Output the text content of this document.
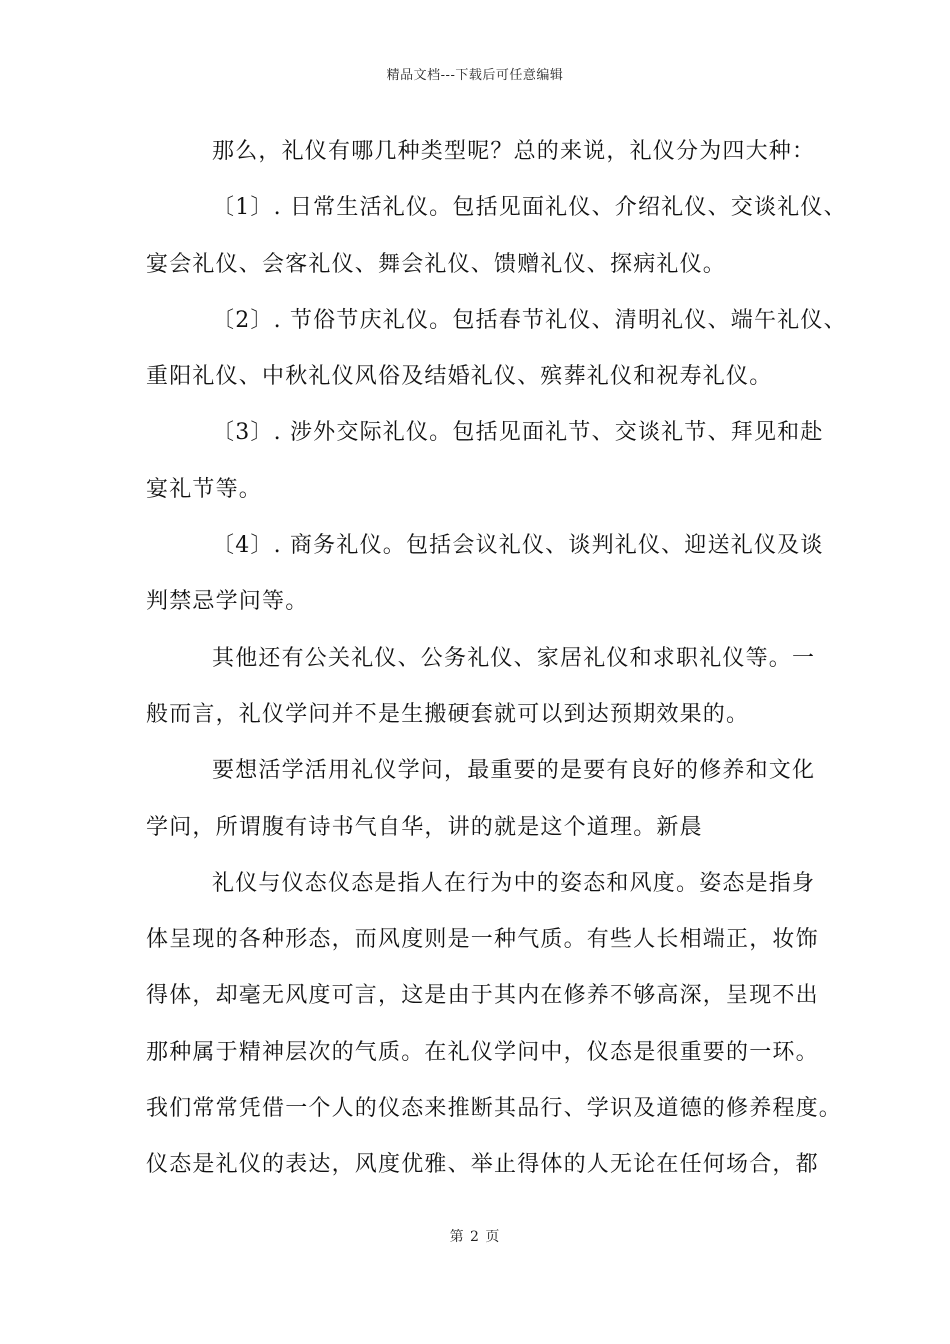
精品文档---下载后可任意编辑
那么，礼仪有哪几种类型呢？总的来说，礼仪分为四大种：
〔1〕. 日常生活礼仪。包括见面礼仪、介绍礼仪、交谈礼仪、
宴会礼仪、会客礼仪、舞会礼仪、馈赠礼仪、探病礼仪。
〔2〕. 节俗节庆礼仪。包括春节礼仪、清明礼仪、端午礼仪、
重阳礼仪、中秋礼仪风俗及结婚礼仪、殡葬礼仪和祝寿礼仪。
〔3〕. 涉外交际礼仪。包括见面礼节、交谈礼节、拜见和赴
宴礼节等。
〔4〕. 商务礼仪。包括会议礼仪、谈判礼仪、迎送礼仪及谈
判禁忌学问等。
其他还有公关礼仪、公务礼仪、家居礼仪和求职礼仪等。一
般而言，礼仪学问并不是生搬硬套就可以到达预期效果的。
要想活学活用礼仪学问，最重要的是要有良好的修养和文化
学问，所谓腹有诗书气自华，讲的就是这个道理。新晨
礼仪与仪态仪态是指人在行为中的姿态和风度。姿态是指身
体呈现的各种形态，而风度则是一种气质。有些人长相端正，妆饰
得体，却毫无风度可言，这是由于其内在修养不够高深，呈现不出
那种属于精神层次的气质。在礼仪学问中，仪态是很重要的一环。
我们常常凭借一个人的仪态来推断其品行、学识及道德的修养程度。
仪态是礼仪的表达，风度优雅、举止得体的人无论在任何场合，都
第 2 页
